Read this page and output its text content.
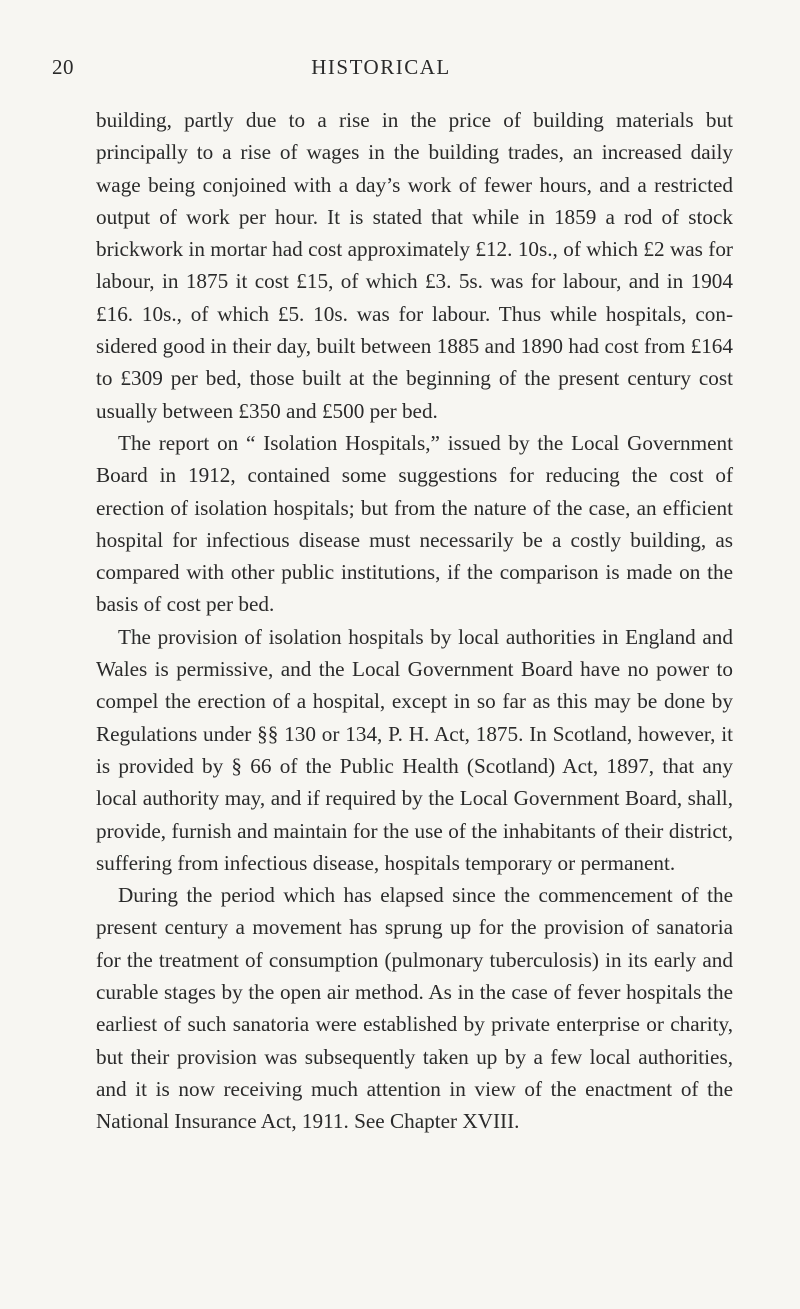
20	HISTORICAL

building, partly due to a rise in the price of building materials but principally to a rise of wages in the building trades, an increased daily wage being conjoined with a day’s work of fewer hours, and a restricted output of work per hour. It is stated that while in 1859 a rod of stock brickwork in mortar had cost approximately £12. 10s., of which £2 was for labour, in 1875 it cost £15, of which £3. 5s. was for labour, and in 1904 £16. 10s., of which £5. 10s. was for labour. Thus while hospitals, considered good in their day, built between 1885 and 1890 had cost from £164 to £309 per bed, those built at the beginning of the present century cost usually between £350 and £500 per bed.

The report on “ Isolation Hospitals,” issued by the Local Government Board in 1912, contained some suggestions for reducing the cost of erection of isolation hospitals; but from the nature of the case, an efficient hospital for infectious disease must necessarily be a costly building, as compared with other public institutions, if the comparison is made on the basis of cost per bed.

The provision of isolation hospitals by local authorities in England and Wales is permissive, and the Local Government Board have no power to compel the erection of a hospital, except in so far as this may be done by Regulations under §§ 130 or 134, P. H. Act, 1875. In Scotland, however, it is provided by § 66 of the Public Health (Scotland) Act, 1897, that any local authority may, and if required by the Local Government Board, shall, provide, furnish and maintain for the use of the inhabitants of their district, suffering from infectious disease, hospitals temporary or permanent.

During the period which has elapsed since the commencement of the present century a movement has sprung up for the provision of sanatoria for the treatment of consumption (pulmonary tuberculosis) in its early and curable stages by the open air method. As in the case of fever hospitals the earliest of such sanatoria were established by private enterprise or charity, but their provision was subsequently taken up by a few local authorities, and it is now receiving much attention in view of the enactment of the National Insurance Act, 1911. See Chapter XVIII.
